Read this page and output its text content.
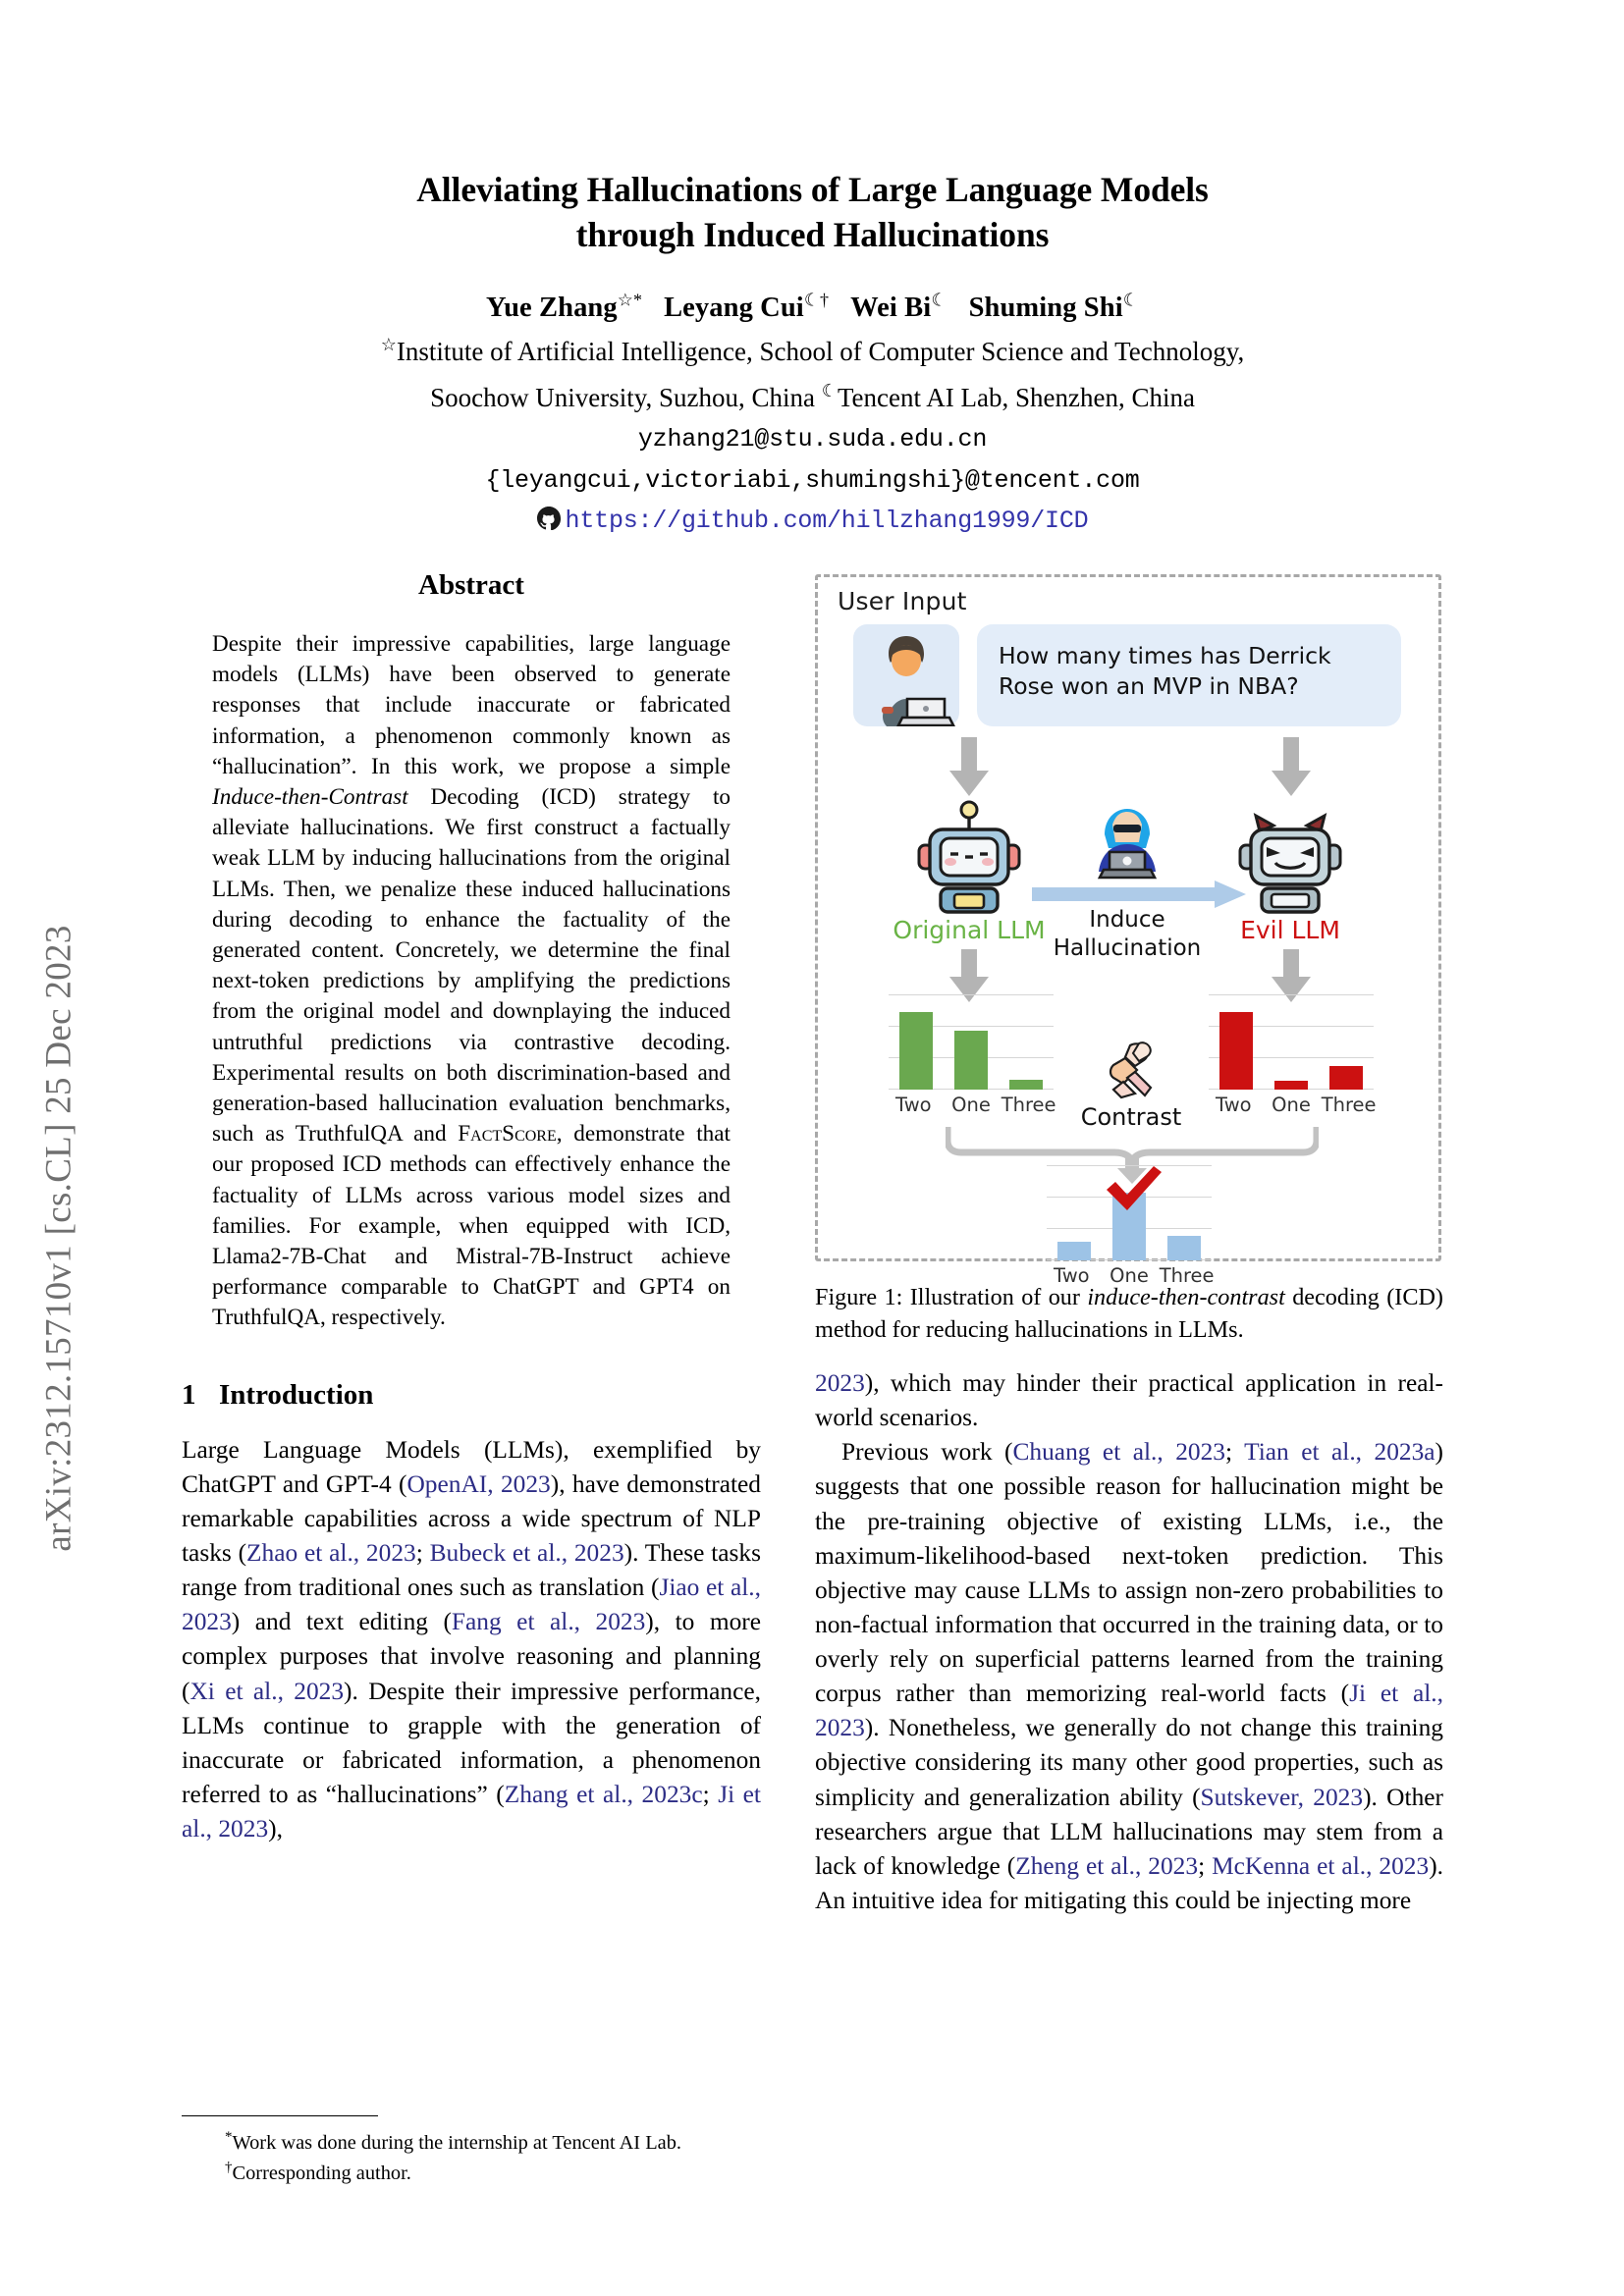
arXiv:2312.15710v1 [cs.CL] 25 Dec 2023
Alleviating Hallucinations of Large Language Models
through Induced Hallucinations
Yue Zhang☆* Leyang Cui☾† Wei Bi☾ Shuming Shi☾
☆Institute of Artificial Intelligence, School of Computer Science and Technology,
Soochow University, Suzhou, China ☾Tencent AI Lab, Shenzhen, China
yzhang21@stu.suda.edu.cn
{leyangcui,victoriabi,shumingshi}@tencent.com
https://github.com/hillzhang1999/ICD
Abstract
Despite their impressive capabilities, large language models (LLMs) have been observed to generate responses that include inaccurate or fabricated information, a phenomenon commonly known as “hallucination”. In this work, we propose a simple Induce-then-Contrast Decoding (ICD) strategy to alleviate hallucinations. We first construct a factually weak LLM by inducing hallucinations from the original LLMs. Then, we penalize these induced hallucinations during decoding to enhance the factuality of the generated content. Concretely, we determine the final next-token predictions by amplifying the predictions from the original model and downplaying the induced untruthful predictions via contrastive decoding. Experimental results on both discrimination-based and generation-based hallucination evaluation benchmarks, such as TruthfulQA and FactScore, demonstrate that our proposed ICD methods can effectively enhance the factuality of LLMs across various model sizes and families. For example, when equipped with ICD, Llama2-7B-Chat and Mistral-7B-Instruct achieve performance comparable to ChatGPT and GPT4 on TruthfulQA, respectively.
1 Introduction

Large Language Models (LLMs), exemplified by ChatGPT and GPT-4 (OpenAI, 2023), have demonstrated remarkable capabilities across a wide spectrum of NLP tasks (Zhao et al., 2023; Bubeck et al., 2023). These tasks range from traditional ones such as translation (Jiao et al., 2023) and text editing (Fang et al., 2023), to more complex purposes that involve reasoning and planning (Xi et al., 2023). Despite their impressive performance, LLMs continue to grapple with the generation of inaccurate or fabricated information, a phenomenon referred to as “hallucinations” (Zhang et al., 2023c; Ji et al., 2023),

*Work was done during the internship at Tencent AI Lab.
†Corresponding author.
User Input
How many times has Derrick Rose won an MVP in NBA?
Original LLM	Induce
Hallucination
Evil LLM
Two	One Three	Contrast	Two	One Three
Two	One Three
Figure 1: Illustration of our induce-then-contrast decoding (ICD) method for reducing hallucinations in LLMs.

2023), which may hinder their practical application in real-world scenarios.

Previous work (Chuang et al., 2023; Tian et al., 2023a) suggests that one possible reason for hallucination might be the pre-training objective of existing LLMs, i.e., the maximum-likelihood-based next-token prediction. This objective may cause LLMs to assign non-zero probabilities to non-factual information that occurred in the training data, or to overly rely on superficial patterns learned from the training corpus rather than memorizing real-world facts (Ji et al., 2023). Nonetheless, we generally do not change this training objective considering its many other good properties, such as simplicity and generalization ability (Sutskever, 2023). Other researchers argue that LLM hallucinations may stem from a lack of knowledge (Zheng et al., 2023; McKenna et al., 2023). An intuitive idea for mitigating this could be injecting more
